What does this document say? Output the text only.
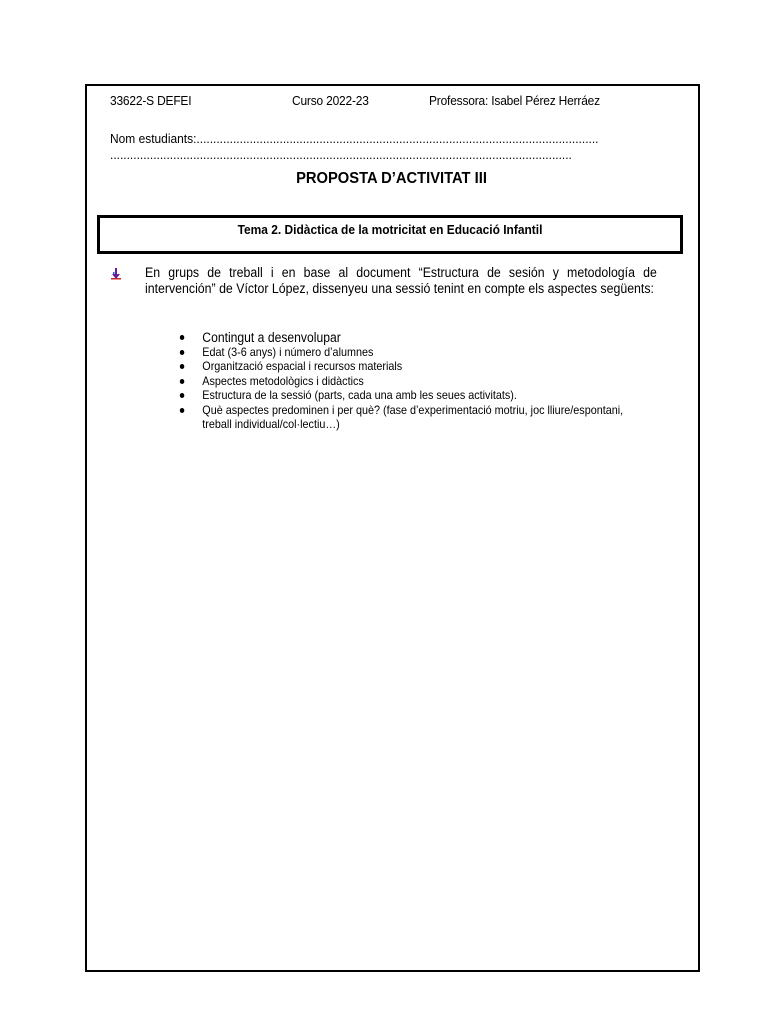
33622-S DEFEI	Curso 2022-23	Professora: Isabel Pérez Herráez
Nom estudiants:.........................................................................................................................
...........................................................................................................................................
PROPOSTA D’ACTIVITAT III
Tema 2. Didàctica de la motricitat en Educació Infantil
En grups de treball i en base al document “Estructura de sesión y metodología de intervención” de Víctor López, dissenyeu una sessió tenint en compte els aspectes següents:
Contingut a desenvolupar
Edat (3-6 anys) i número d’alumnes
Organització espacial i recursos materials
Aspectes metodològics i didàctics
Estructura de la sessió (parts, cada una amb les seues activitats).
Què aspectes predominen i per què? (fase d’experimentació motriu, joc lliure/espontani, treball individual/col·lectiu…)
